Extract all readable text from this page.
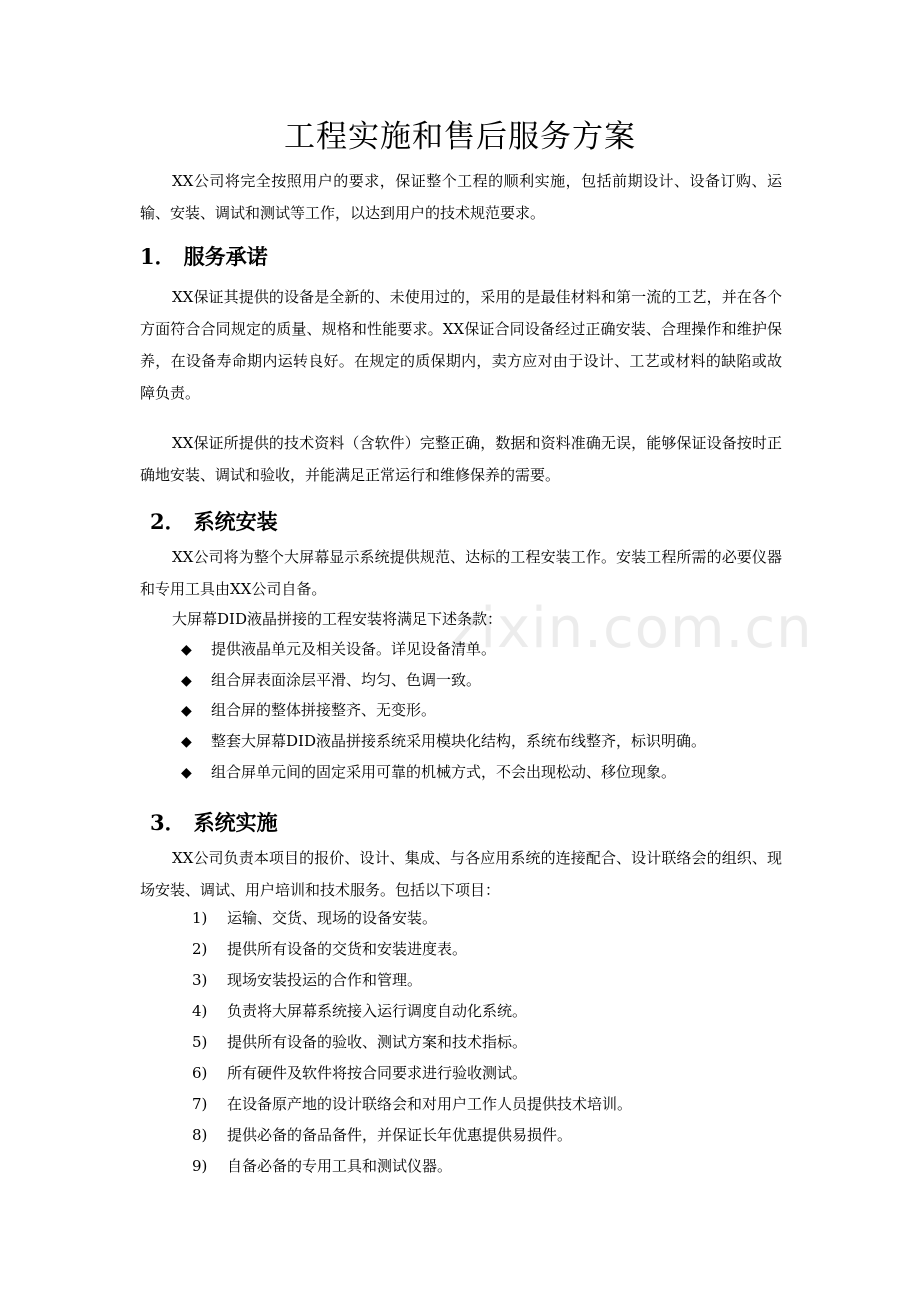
zixin.com.cn
工程实施和售后服务方案

XX公司将完全按照用户的要求，保证整个工程的顺利实施，包括前期设计、设备订购、运输、安装、调试和测试等工作，以达到用户的技术规范要求。

1． 服务承诺

XX保证其提供的设备是全新的、未使用过的，采用的是最佳材料和第一流的工艺，并在各个方面符合合同规定的质量、规格和性能要求。XX保证合同设备经过正确安装、合理操作和维护保养，在设备寿命期内运转良好。在规定的质保期内，卖方应对由于设计、工艺或材料的缺陷或故障负责。

XX保证所提供的技术资料（含软件）完整正确，数据和资料准确无误，能够保证设备按时正确地安装、调试和验收，并能满足正常运行和维修保养的需要。

2． 系统安装

XX公司将为整个大屏幕显示系统提供规范、达标的工程安装工作。安装工程所需的必要仪器和专用工具由XX公司自备。

大屏幕DID液晶拼接的工程安装将满足下述条款：

◆ 提供液晶单元及相关设备。详见设备清单。
◆ 组合屏表面涂层平滑、均匀、色调一致。
◆ 组合屏的整体拼接整齐、无变形。
◆ 整套大屏幕DID液晶拼接系统采用模块化结构，系统布线整齐，标识明确。
◆ 组合屏单元间的固定采用可靠的机械方式，不会出现松动、移位现象。
3． 系统实施

XX公司负责本项目的报价、设计、集成、与各应用系统的连接配合、设计联络会的组织、现场安装、调试、用户培训和技术服务。包括以下项目：

1) 运输、交货、现场的设备安装。
2) 提供所有设备的交货和安装进度表。
3) 现场安装投运的合作和管理。
4) 负责将大屏幕系统接入运行调度自动化系统。
5) 提供所有设备的验收、测试方案和技术指标。
6) 所有硬件及软件将按合同要求进行验收测试。
7) 在设备原产地的设计联络会和对用户工作人员提供技术培训。
8) 提供必备的备品备件，并保证长年优惠提供易损件。
9) 自备必备的专用工具和测试仪器。
